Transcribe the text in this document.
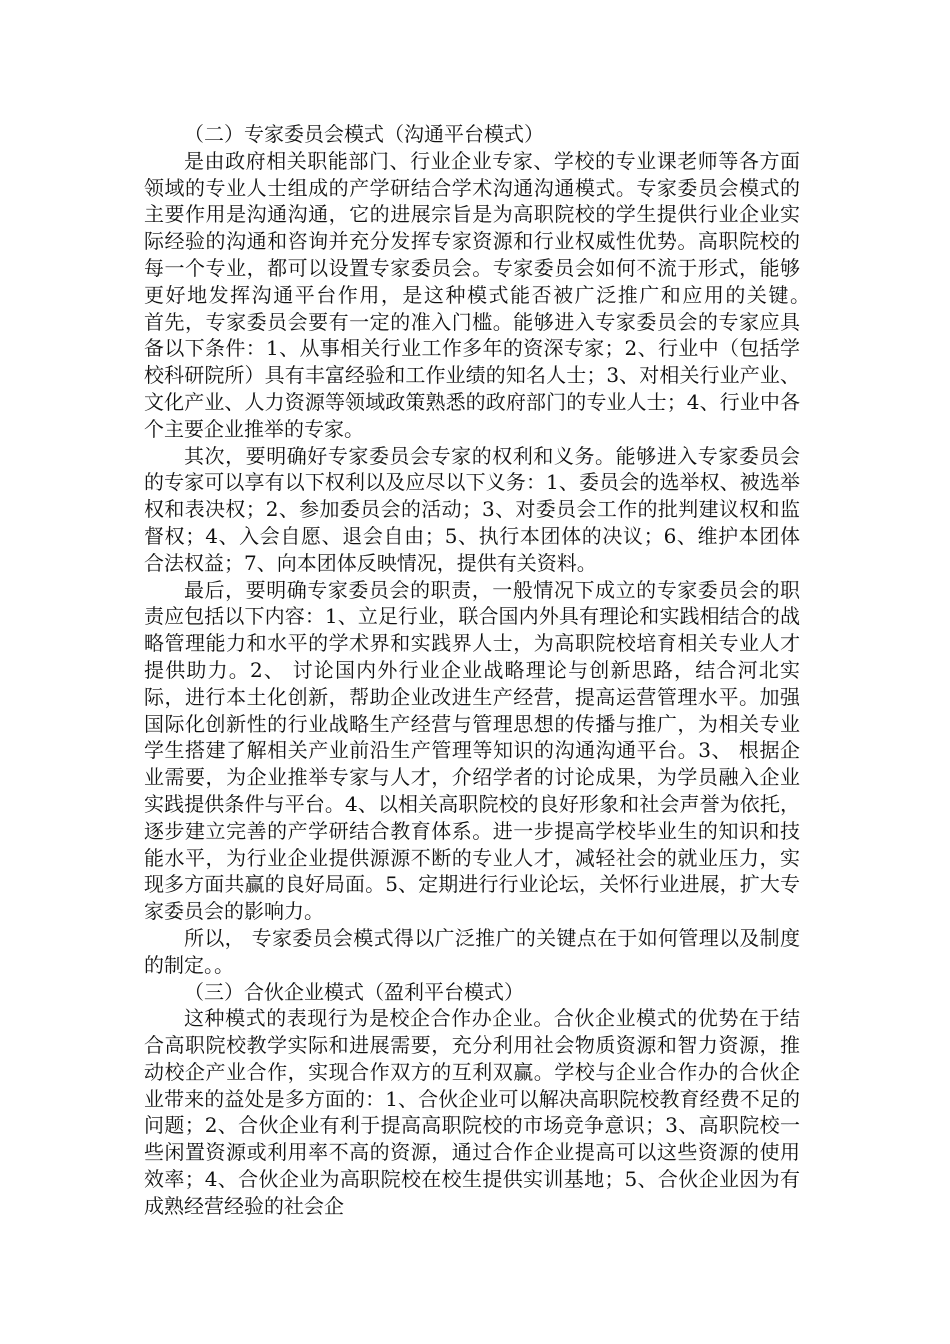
（二）专家委员会模式（沟通平台模式）

是由政府相关职能部门、行业企业专家、学校的专业课老师等各方面领域的专业人士组成的产学研结合学术沟通沟通模式。专家委员会模式的主要作用是沟通沟通，它的进展宗旨是为高职院校的学生提供行业企业实际经验的沟通和咨询并充分发挥专家资源和行业权威性优势。高职院校的每一个专业，都可以设置专家委员会。专家委员会如何不流于形式，能够更好地发挥沟通平台作用，是这种模式能否被广泛推广和应用的关键。　　　首先，专家委员会要有一定的准入门槛。能够进入专家委员会的专家应具备以下条件：1、从事相关行业工作多年的资深专家；2、行业中（包括学校科研院所）具有丰富经验和工作业绩的知名人士；3、对相关行业产业、文化产业、人力资源等领域政策熟悉的政府部门的专业人士；4、行业中各个主要企业推举的专家。

其次，要明确好专家委员会专家的权利和义务。能够进入专家委员会的专家可以享有以下权利以及应尽以下义务：1、委员会的选举权、被选举权和表决权；2、参加委员会的活动；3、对委员会工作的批判建议权和监督权；4、入会自愿、退会自由；5、执行本团体的决议；6、维护本团体合法权益；7、向本团体反映情况，提供有关资料。

最后，要明确专家委员会的职责，一般情况下成立的专家委员会的职责应包括以下内容：1、立足行业，联合国内外具有理论和实践相结合的战略管理能力和水平的学术界和实践界人士，为高职院校培育相关专业人才提供助力。2、 讨论国内外行业企业战略理论与创新思路，结合河北实际，进行本土化创新，帮助企业改进生产经营，提高运营管理水平。加强国际化创新性的行业战略生产经营与管理思想的传播与推广，为相关专业学生搭建了解相关产业前沿生产管理等知识的沟通沟通平台。3、 根据企业需要，为企业推举专家与人才，介绍学者的讨论成果，为学员融入企业实践提供条件与平台。4、以相关高职院校的良好形象和社会声誉为依托，逐步建立完善的产学研结合教育体系。进一步提高学校毕业生的知识和技能水平，为行业企业提供源源不断的专业人才，减轻社会的就业压力，实现多方面共赢的良好局面。5、定期进行行业论坛，关怀行业进展，扩大专家委员会的影响力。

所以， 专家委员会模式得以广泛推广的关键点在于如何管理以及制度的制定。。

（三）合伙企业模式（盈利平台模式）

这种模式的表现行为是校企合作办企业。合伙企业模式的优势在于结合高职院校教学实际和进展需要，充分利用社会物质资源和智力资源，推动校企产业合作，实现合作双方的互利双赢。学校与企业合作办的合伙企业带来的益处是多方面的：1、合伙企业可以解决高职院校教育经费不足的问题；2、合伙企业有利于提高高职院校的市场竞争意识；3、高职院校一些闲置资源或利用率不高的资源，通过合作企业提高可以这些资源的使用效率；4、合伙企业为高职院校在校生提供实训基地；5、合伙企业因为有成熟经营经验的社会企
